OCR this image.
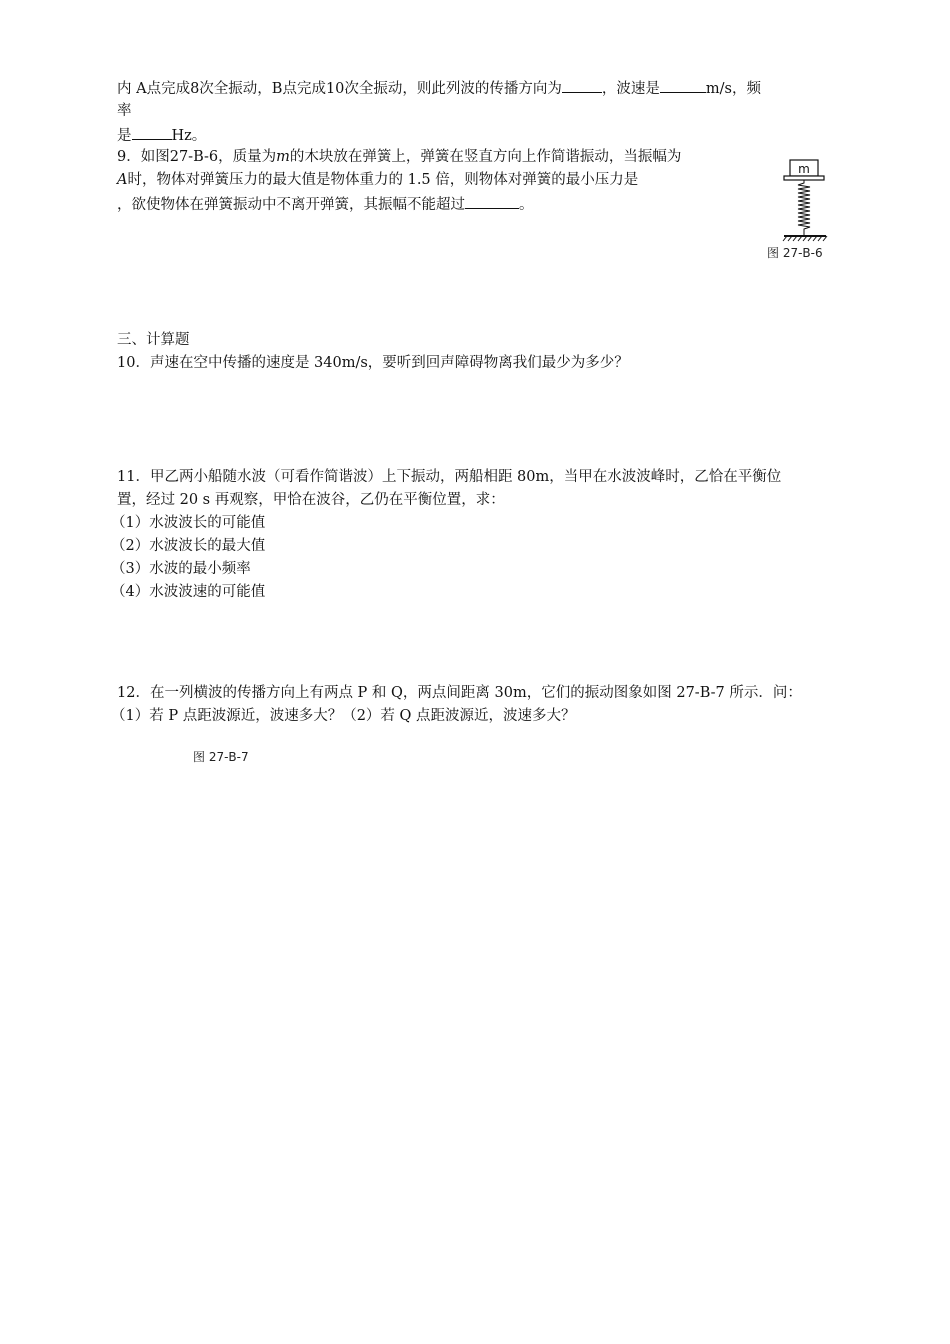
内 A点完成8次全振动，B点完成10次全振动，则此列波的传播方向为	，波速是	m/s，频
率
是	Hz。
9．如图27-B-6，质量为m的木块放在弹簧上，弹簧在竖直方向上作简谐振动，当振幅为
A时，物体对弹簧压力的最大值是物体重力的 1.5 倍，则物体对弹簧的最小压力是
，欲使物体在弹簧振动中不离开弹簧，其振幅不能超过	。
m
图 27-B-6
三、计算题
10．声速在空中传播的速度是 340m/s，要听到回声障碍物离我们最少为多少？
11．甲乙两小船随水波（可看作简谐波）上下振动，两船相距 80m，当甲在水波波峰时，乙恰在平衡位
置，经过 20 s 再观察，甲恰在波谷，乙仍在平衡位置，求：
（1）水波波长的可能值
（2）水波波长的最大值
（3）水波的最小频率
（4）水波波速的可能值
12．在一列横波的传播方向上有两点 P 和 Q，两点间距离 30m，它们的振动图象如图 27-B-7 所示．问：
（1）若 P 点距波源近，波速多大？（2）若 Q 点距波源近，波速多大？
图 27-B-7
